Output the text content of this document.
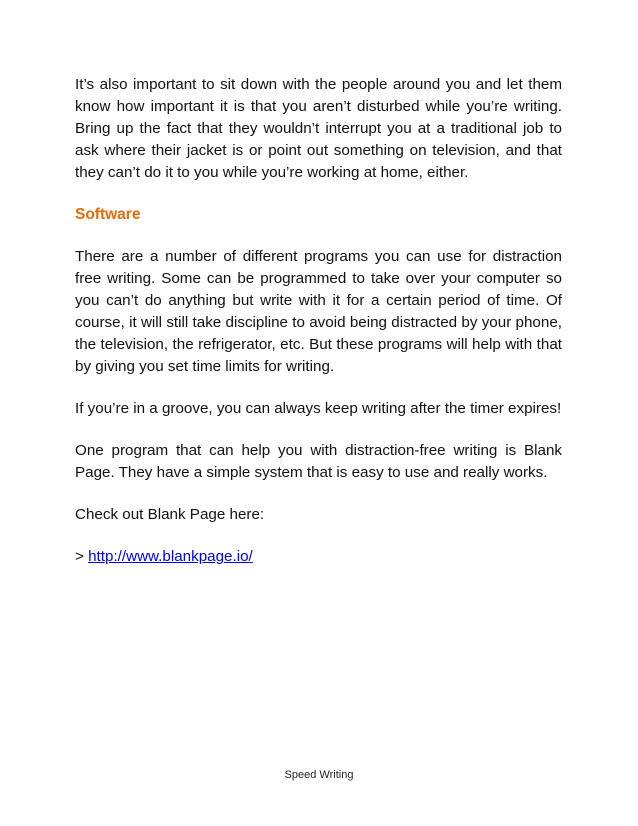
It’s also important to sit down with the people around you and let them know how important it is that you aren’t disturbed while you’re writing. Bring up the fact that they wouldn’t interrupt you at a traditional job to ask where their jacket is or point out something on television, and that they can’t do it to you while you’re working at home, either.

Software

There are a number of different programs you can use for distraction free writing. Some can be programmed to take over your computer so you can’t do anything but write with it for a certain period of time. Of course, it will still take discipline to avoid being distracted by your phone, the television, the refrigerator, etc. But these programs will help with that by giving you set time limits for writing.

If you’re in a groove, you can always keep writing after the timer expires!

One program that can help you with distraction-free writing is Blank Page. They have a simple system that is easy to use and really works.

Check out Blank Page here:

> http://www.blankpage.io/

Speed Writing
